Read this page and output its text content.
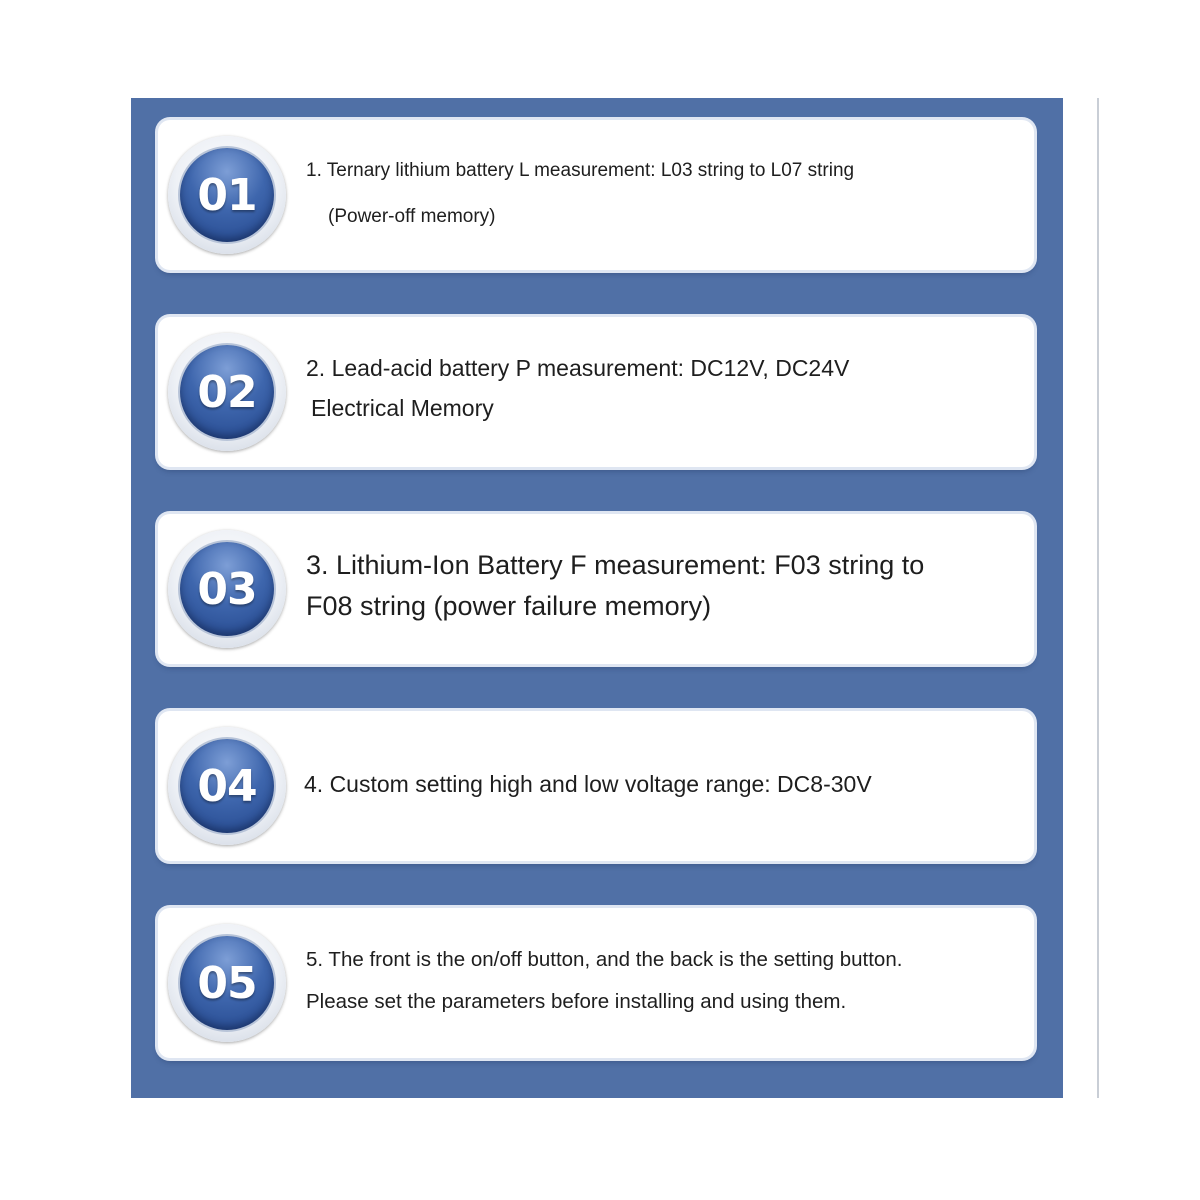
01	1. Ternary lithium battery L measurement: L03 string to L07 string
(Power-off memory)
02 2. Lead-acid battery P measurement: DC12V, DC24V
Electrical Memory
03 3. Lithium-Ion Battery F measurement: F03 string to
F08 string (power failure memory)
04 4. Custom setting high and low voltage range: DC8-30V
05 5. The front is the on/off button, and the back is the setting button.
Please set the parameters before installing and using them.
